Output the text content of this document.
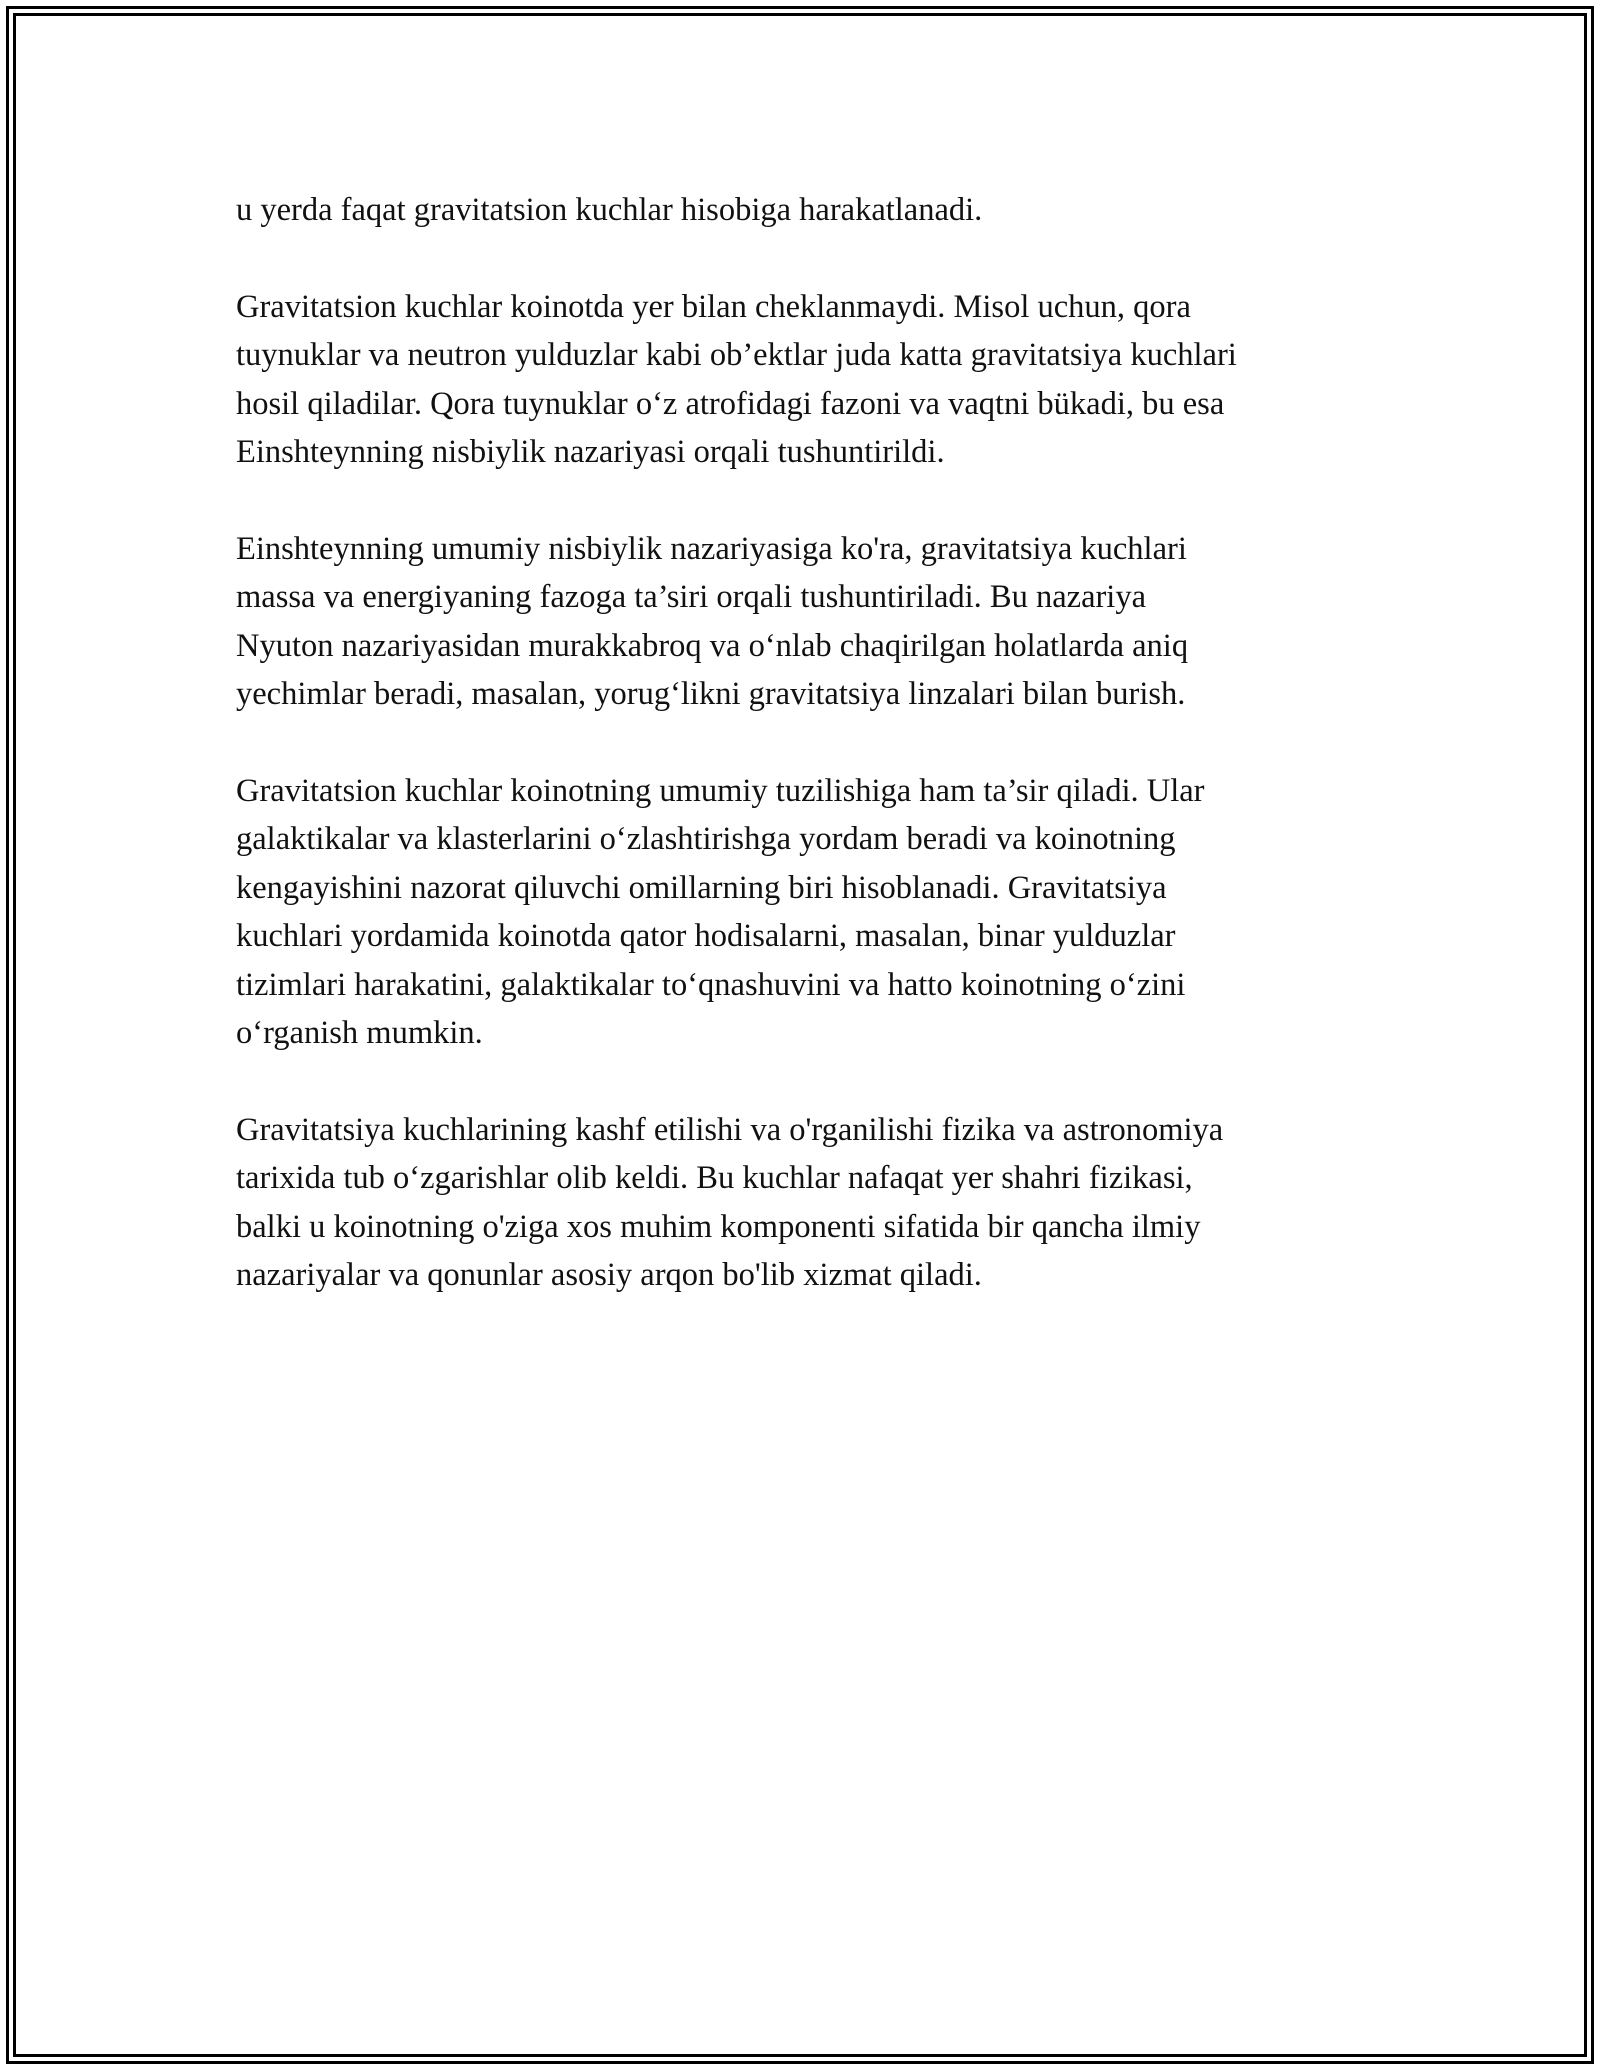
u yerda faqat gravitatsion kuchlar hisobiga harakatlanadi.

Gravitatsion kuchlar koinotda yer bilan cheklanmaydi. Misol uchun, qora
tuynuklar va neutron yulduzlar kabi ob’ektlar juda katta gravitatsiya kuchlari
hosil qiladilar. Qora tuynuklar oʻz atrofidagi fazoni va vaqtni bükadi, bu esa
Einshteynning nisbiylik nazariyasi orqali tushuntirildi.

Einshteynning umumiy nisbiylik nazariyasiga ko'ra, gravitatsiya kuchlari
massa va energiyaning fazoga ta’siri orqali tushuntiriladi. Bu nazariya
Nyuton nazariyasidan murakkabroq va oʻnlab chaqirilgan holatlarda aniq
yechimlar beradi, masalan, yorugʻlikni gravitatsiya linzalari bilan burish.

Gravitatsion kuchlar koinotning umumiy tuzilishiga ham ta’sir qiladi. Ular
galaktikalar va klasterlarini oʻzlashtirishga yordam beradi va koinotning
kengayishini nazorat qiluvchi omillarning biri hisoblanadi. Gravitatsiya
kuchlari yordamida koinotda qator hodisalarni, masalan, binar yulduzlar
tizimlari harakatini, galaktikalar toʻqnashuvini va hatto koinotning oʻzini
oʻrganish mumkin.

Gravitatsiya kuchlarining kashf etilishi va o'rganilishi fizika va astronomiya
tarixida tub oʻzgarishlar olib keldi. Bu kuchlar nafaqat yer shahri fizikasi,
balki u koinotning o'ziga xos muhim komponenti sifatida bir qancha ilmiy
nazariyalar va qonunlar asosiy arqon bo'lib xizmat qiladi.
